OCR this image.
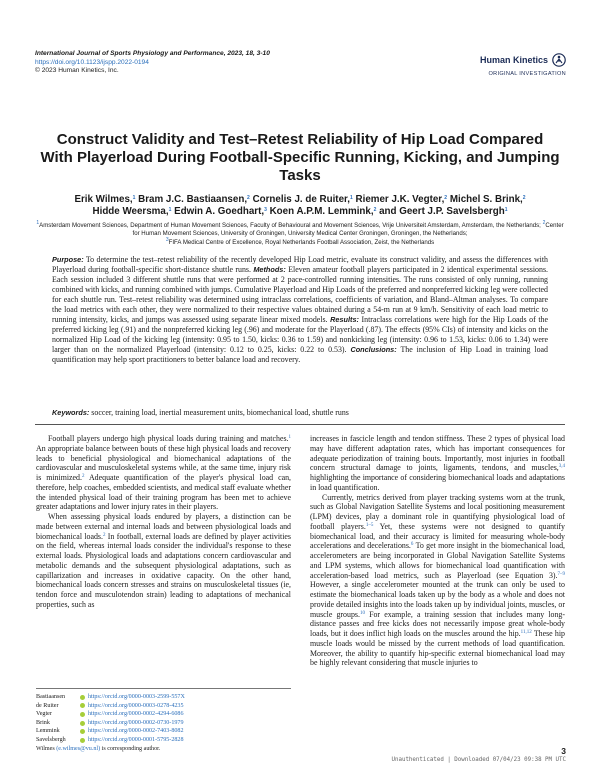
International Journal of Sports Physiology and Performance, 2023, 18, 3-10
https://doi.org/10.1123/ijspp.2022-0194
© 2023 Human Kinetics, Inc.
Human Kinetics
ORIGINAL INVESTIGATION
Construct Validity and Test–Retest Reliability of Hip Load Compared With Playerload During Football-Specific Running, Kicking, and Jumping Tasks
Erik Wilmes,$^1$ Bram J.C. Bastiaansen,$^2$ Cornelis J. de Ruiter,$^1$ Riemer J.K. Vegter,$^2$ Michel S. Brink,$^2$
Hidde Weersma,$^1$ Edwin A. Goedhart,$^3$ Koen A.P.M. Lemmink,$^2$ and Geert J.P. Savelsbergh$^1$
$^1$Amsterdam Movement Sciences, Department of Human Movement Sciences, Faculty of Behavioural and Movement Sciences, Vrije Universiteit Amsterdam, Amsterdam, the Netherlands; $^2$Center for Human Movement Sciences, University of Groningen, University Medical Center Groningen, Groningen, the Netherlands;
$^3$FIFA Medical Centre of Excellence, Royal Netherlands Football Association, Zeist, the Netherlands
Purpose: To determine the test–retest reliability of the recently developed Hip Load metric, evaluate its construct validity, and assess the differences with Playerload during football-specific short-distance shuttle runs. Methods: Eleven amateur football players participated in 2 identical experimental sessions. Each session included 3 different shuttle runs that were performed at 2 pace-controlled running intensities. The runs consisted of only running, running combined with kicks, and running combined with jumps. Cumulative Playerload and Hip Loads of the preferred and nonpreferred kicking leg were collected for each shuttle run. Test–retest reliability was determined using intraclass correlations, coefficients of variation, and Bland–Altman analyses. To compare the load metrics with each other, they were normalized to their respective values obtained during a 54-m run at 9 km/h. Sensitivity of each load metric to running intensity, kicks, and jumps was assessed using separate linear mixed models. Results: Intraclass correlations were high for the Hip Loads of the preferred kicking leg (.91) and the nonpreferred kicking leg (.96) and moderate for the Playerload (.87). The effects (95% CIs) of intensity and kicks on the normalized Hip Load of the kicking leg (intensity: 0.95 to 1.50, kicks: 0.36 to 1.59) and nonkicking leg (intensity: 0.96 to 1.53, kicks: 0.06 to 1.34) were larger than on the normalized Playerload (intensity: 0.12 to 0.25, kicks: 0.22 to 0.53). Conclusions: The inclusion of Hip Load in training load quantification may help sport practitioners to better balance load and recovery.
Keywords: soccer, training load, inertial measurement units, biomechanical load, shuttle runs

Football players undergo high physical loads during training and matches.$^1$ An appropriate balance between bouts of these high physical loads and recovery leads to beneficial physiological and biomechanical adaptations of the cardiovascular and musculoskeletal systems while, at the same time, injury risk is minimized.$^2$ Adequate quantification of the player's physical load can, therefore, help coaches, embedded scientists, and medical staff evaluate whether the intended physical load of their training program has been met to achieve greater adaptations and lower injury rates in their players.

When assessing physical loads endured by players, a distinction can be made between external and internal loads and between physiological loads and biomechanical loads.$^2$ In football, external loads are defined by player activities on the field, whereas internal loads consider the individual's response to these external loads. Physiological loads and adaptations concern cardiovascular and metabolic demands and the subsequent physiological adaptations, such as capillarization and increases in oxidative capacity. On the other hand, biomechanical loads concern stresses and strains on musculoskeletal tissues (ie, tendon force and musculotendon strain) leading to adaptations of mechanical properties, such as

increases in fascicle length and tendon stiffness. These 2 types of physical load may have different adaptation rates, which has important consequences for adequate periodization of training bouts. Importantly, most injuries in football concern structural damage to joints, ligaments, tendons, and muscles,$^{3,4}$ highlighting the importance of considering biomechanical loads and adaptations in load quantification.

Currently, metrics derived from player tracking systems worn at the trunk, such as Global Navigation Satellite Systems and local positioning measurement (LPM) devices, play a dominant role in quantifying physiological load of football players.$^{1-5}$ Yet, these systems were not designed to quantify biomechanical load, and their accuracy is limited for measuring whole-body accelerations and decelerations.$^6$ To get more insight in the biomechanical load, accelerometers are being incorporated in Global Navigation Satellite Systems and LPM systems, which allows for biomechanical load quantification with acceleration-based load metrics, such as Playerload (see Equation 3).$^{7-9}$ However, a single accelerometer mounted at the trunk can only be used to estimate the biomechanical loads taken up by the body as a whole and does not provide detailed insights into the loads taken up by individual joints, muscles, or muscle groups.$^{10}$ For example, a training session that includes many long-distance passes and free kicks does not necessarily impose great whole-body loads, but it does inflict high loads on the muscles around the hip.$^{11,12}$ These hip muscle loads would be missed by the current methods of load quantification. Moreover, the ability to quantify hip-specific external biomechanical load may be highly relevant considering that muscle injuries to

Bastiaansen	https://orcid.org/0000-0003-2599-557X
de Ruiter	https://orcid.org/0000-0003-0278-4235
Vegter	https://orcid.org/0000-0002-4294-6086
Brink	https://orcid.org/0000-0002-0730-1979
Lemmink	https://orcid.org/0000-0002-7403-8082
Savelsbergh	https://orcid.org/0000-0001-5795-2828
Wilmes
(e.wilmes@vu.nl)
is corresponding author.	3
Unauthenticated | Downloaded 07/04/23 09:38 PM UTC
